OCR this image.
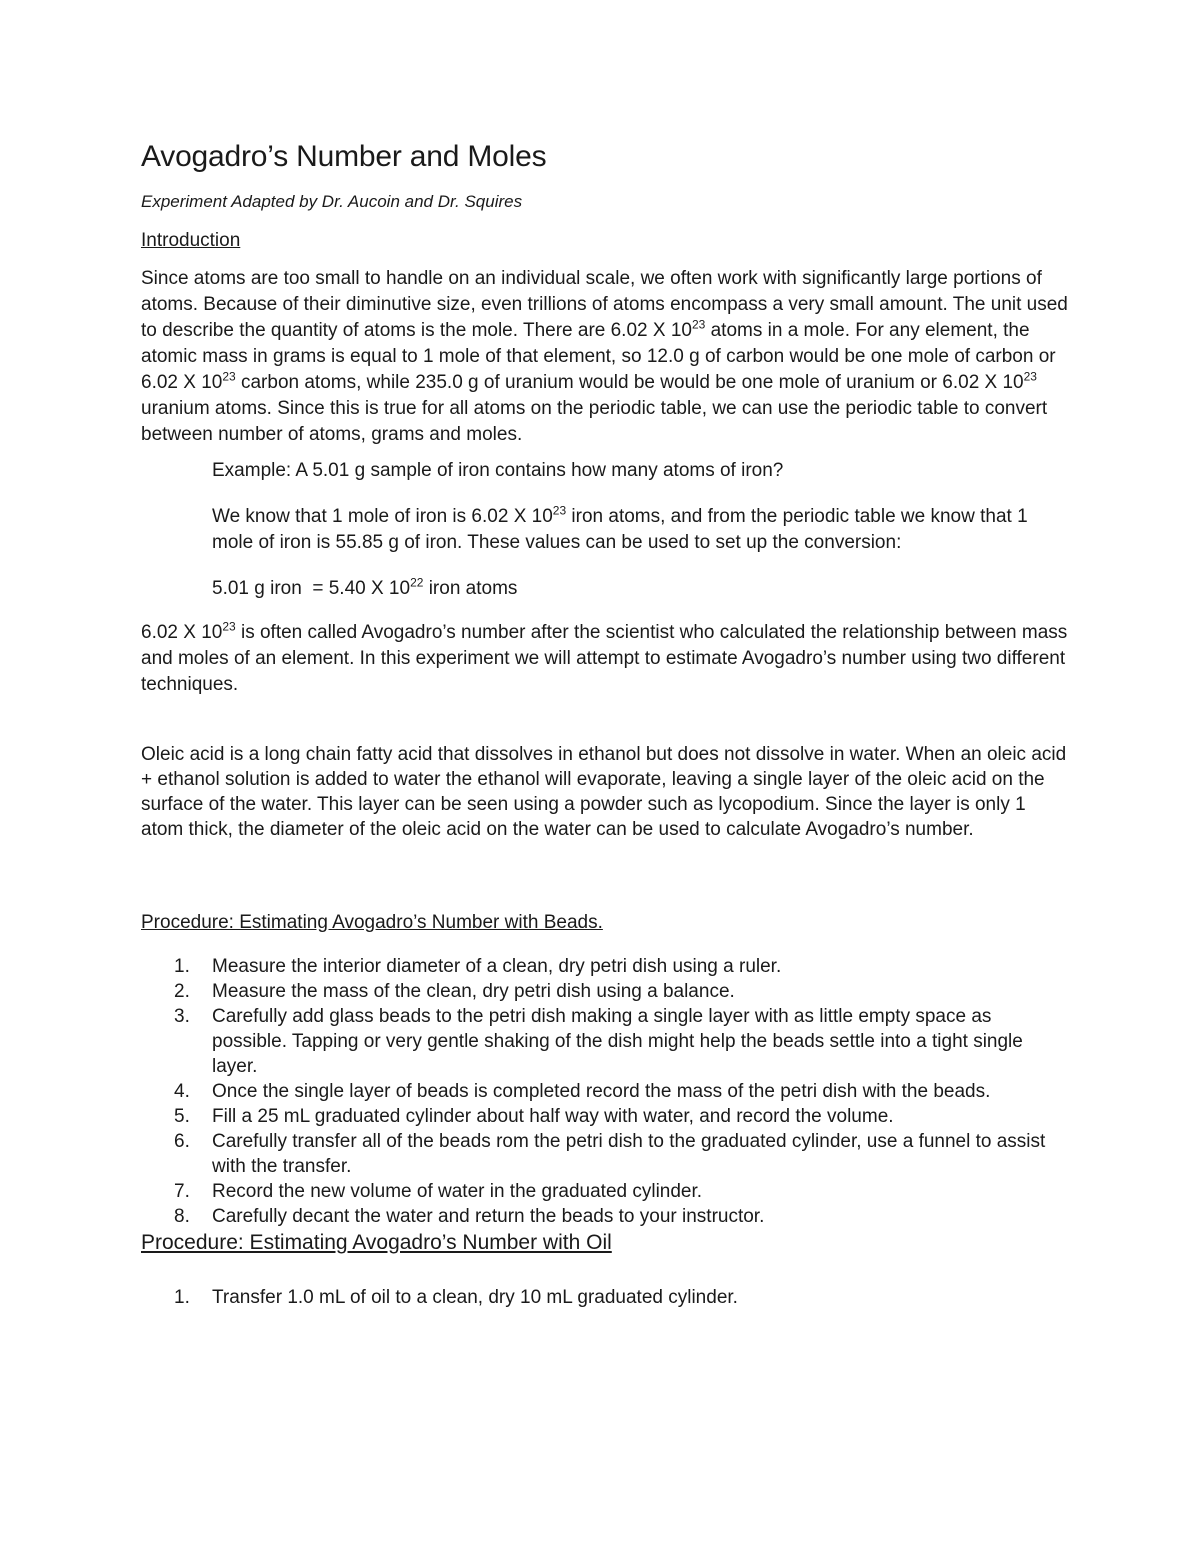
Avogadro’s Number and Moles
Experiment Adapted by Dr. Aucoin and Dr. Squires
Introduction

Since atoms are too small to handle on an individual scale, we often work with significantly large portions of atoms. Because of their diminutive size, even trillions of atoms encompass a very small amount. The unit used to describe the quantity of atoms is the mole. There are 6.02 X $10^{23}$ atoms in a mole. For any element, the atomic mass in grams is equal to 1 mole of that element, so 12.0 g of carbon would be one mole of carbon or 6.02 X $10^{23}$ carbon atoms, while 235.0 g of uranium would be would be one mole of uranium or 6.02 X $10^{23}$ uranium atoms. Since this is true for all atoms on the periodic table, we can use the periodic table to convert between number of atoms, grams and moles.

Example: A 5.01 g sample of iron contains how many atoms of iron?

We know that 1 mole of iron is 6.02 X $10^{23}$ iron atoms, and from the periodic table we know that 1 mole of iron is 55.85 g of iron. These values can be used to set up the conversion:

5.01 g iron  = 5.40 X $10^{22}$ iron atoms

6.02 X $10^{23}$ is often called Avogadro’s number after the scientist who calculated the relationship between mass and moles of an element. In this experiment we will attempt to estimate Avogadro’s number using two different techniques.

Oleic acid is a long chain fatty acid that dissolves in ethanol but does not dissolve in water. When an oleic acid + ethanol solution is added to water the ethanol will evaporate, leaving a single layer of the oleic acid on the surface of the water. This layer can be seen using a powder such as lycopodium. Since the layer is only 1 atom thick, the diameter of the oleic acid on the water can be used to calculate Avogadro’s number.

Procedure: Estimating Avogadro’s Number with Beads.
1. Measure the interior diameter of a clean, dry petri dish using a ruler.
2. Measure the mass of the clean, dry petri dish using a balance.
3. Carefully add glass beads to the petri dish making a single layer with as little empty space as possible. Tapping or very gentle shaking of the dish might help the beads settle into a tight single layer.
4. Once the single layer of beads is completed record the mass of the petri dish with the beads.
5. Fill a 25 mL graduated cylinder about half way with water, and record the volume.
6. Carefully transfer all of the beads rom the petri dish to the graduated cylinder, use a funnel to assist with the transfer.
7. Record the new volume of water in the graduated cylinder.
8. Carefully decant the water and return the beads to your instructor.
Procedure: Estimating Avogadro’s Number with Oil
1. Transfer 1.0 mL of oil to a clean, dry 10 mL graduated cylinder.
